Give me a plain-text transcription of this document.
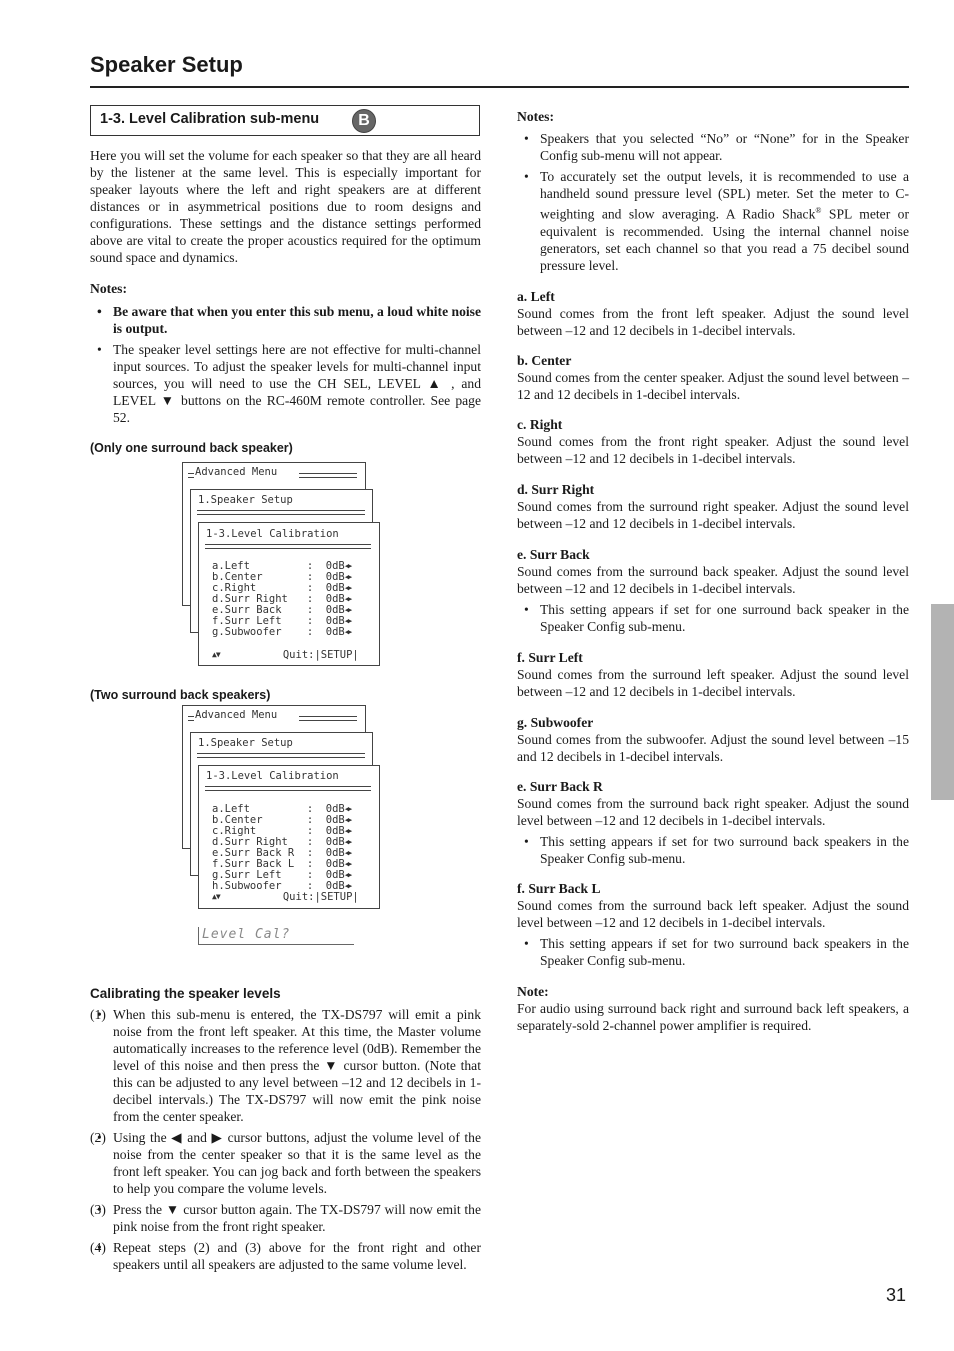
Speaker Setup
1-3. Level Calibration sub-menu	B

Here you will set the volume for each speaker so that they are all heard by the listener at the same level. This is especially important for speaker layouts where the left and right speakers are at different distances or in asymmetrical positions due to room designs and configurations. These settings and the distance settings performed above are vital to create the proper acoustics required for the optimum sound space and dynamics.

Notes:

• Be aware that when you enter this sub menu, a loud white noise is output.
• The speaker level settings here are not effective for multi-channel input sources. To adjust the speaker levels for multi-channel input sources, you will need to use the CH SEL, LEVEL ▲ , and LEVEL ▼ buttons on the RC-460M remote controller. See page 52.
(Only one surround back speaker)
Advanced Menu
1.Speaker Setup
1-3.Level Calibration
a.Left         :  0dB◀▶
b.Center       :  0dB◀▶
c.Right        :  0dB◀▶
d.Surr Right   :  0dB◀▶
e.Surr Back    :  0dB◀▶
f.Surr Left    :  0dB◀▶
g.Subwoofer    :  0dB◀▶
▲▼	Quit:|SETUP|
(Two surround back speakers)
Advanced Menu
1.Speaker Setup
1-3.Level Calibration
a.Left         :  0dB◀▶
b.Center       :  0dB◀▶
c.Right        :  0dB◀▶
d.Surr Right   :  0dB◀▶
e.Surr Back R  :  0dB◀▶
f.Surr Back L  :  0dB◀▶
g.Surr Left    :  0dB◀▶
h.Subwoofer    :  0dB◀▶
▲▼	Quit:|SETUP|
Level Cal?
Calibrating the speaker levels
• (1) When this sub-menu is entered, the TX-DS797 will emit a pink noise from the front left speaker. At this time, the Master volume automatically increases to the reference level (0dB). Remember the level of this noise and then press the ▼ cursor button. (Note that this can be adjusted to any level between –12 and 12 decibels in 1-decibel intervals.) The TX-DS797 will now emit the pink noise from the center speaker.
• (2) Using the ◀ and ▶ cursor buttons, adjust the volume level of the noise from the center speaker so that it is the same level as the front left speaker. You can jog back and forth between the speakers to help you compare the volume levels.
• (3) Press the ▼ cursor button again. The TX-DS797 will now emit the pink noise from the front right speaker.
• (4) Repeat steps (2) and (3) above for the front right and other speakers until all speakers are adjusted to the same volume level.

Notes:

• Speakers that you selected “No” or “None” for in the Speaker Config sub-menu will not appear.
• To accurately set the output levels, it is recommended to use a handheld sound pressure level (SPL) meter. Set the meter to C-weighting and slow averaging. A Radio Shack® SPL meter or equivalent is recommended. Using the internal channel noise generators, set each channel so that you read a 75 decibel sound pressure level.

a. Left

Sound comes from the front left speaker. Adjust the sound level between –12 and 12 decibels in 1-decibel intervals.

b. Center

Sound comes from the center speaker. Adjust the sound level between –12 and 12 decibels in 1-decibel intervals.

c. Right

Sound comes from the front right speaker. Adjust the sound level between –12 and 12 decibels in 1-decibel intervals.

d. Surr Right

Sound comes from the surround right speaker. Adjust the sound level between –12 and 12 decibels in 1-decibel intervals.

e. Surr Back

Sound comes from the surround back speaker. Adjust the sound level between –12 and 12 decibels in 1-decibel intervals.

• This setting appears if set for one surround back speaker in the Speaker Config sub-menu.

f. Surr Left

Sound comes from the surround left speaker. Adjust the sound level between –12 and 12 decibels in 1-decibel intervals.

g. Subwoofer

Sound comes from the subwoofer. Adjust the sound level between –15 and 12 decibels in 1-decibel intervals.

e. Surr Back R

Sound comes from the surround back right speaker. Adjust the sound level between –12 and 12 decibels in 1-decibel intervals.

• This setting appears if set for two surround back speakers in the Speaker Config sub-menu.

f. Surr Back L

Sound comes from the surround back left speaker. Adjust the sound level between –12 and 12 decibels in 1-decibel intervals.

• This setting appears if set for two surround back speakers in the Speaker Config sub-menu.

Note:

For audio using surround back right and surround back left speakers, a separately-sold 2-channel power amplifier is required.

31
